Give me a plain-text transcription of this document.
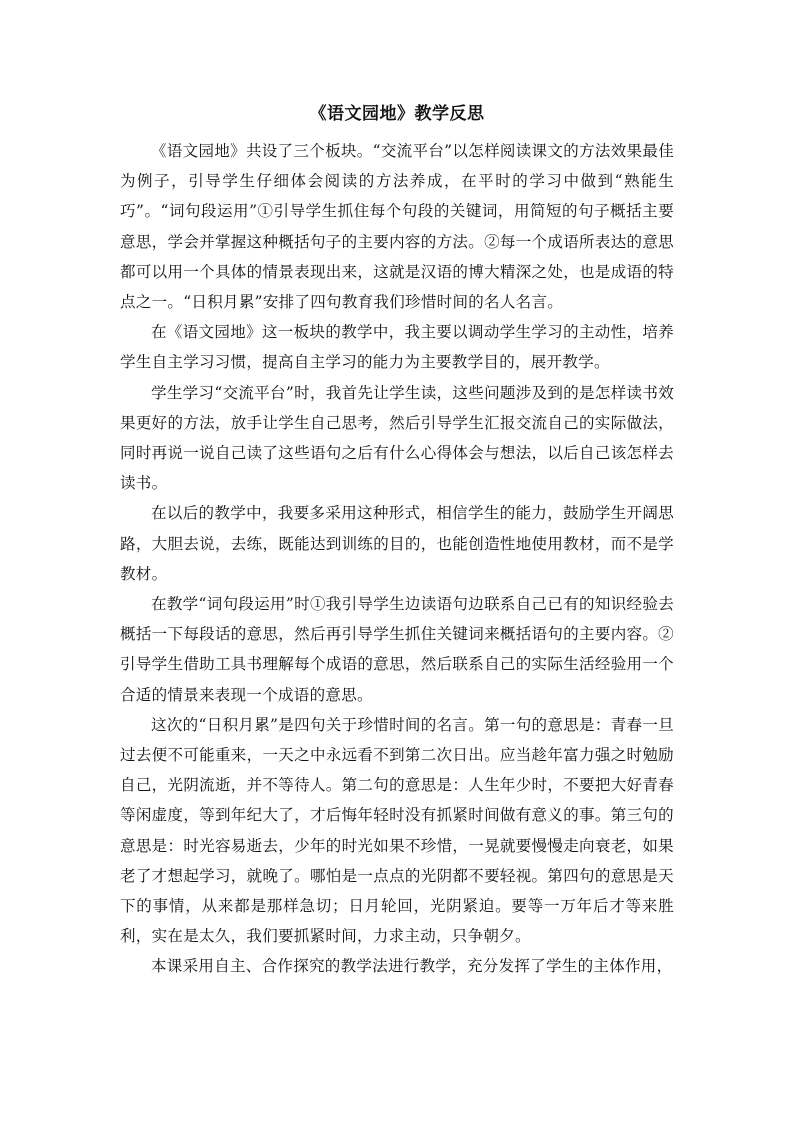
《语文园地》教学反思

《语文园地》共设了三个板块。“交流平台”以怎样阅读课文的方法效果最佳为例子，引导学生仔细体会阅读的方法养成，在平时的学习中做到“熟能生巧”。“词句段运用”①引导学生抓住每个句段的关键词，用简短的句子概括主要意思，学会并掌握这种概括句子的主要内容的方法。②每一个成语所表达的意思都可以用一个具体的情景表现出来，这就是汉语的博大精深之处，也是成语的特点之一。“日积月累”安排了四句教育我们珍惜时间的名人名言。

在《语文园地》这一板块的教学中，我主要以调动学生学习的主动性，培养学生自主学习习惯，提高自主学习的能力为主要教学目的，展开教学。

学生学习“交流平台”时，我首先让学生读，这些问题涉及到的是怎样读书效果更好的方法，放手让学生自己思考，然后引导学生汇报交流自己的实际做法，同时再说一说自己读了这些语句之后有什么心得体会与想法，以后自己该怎样去读书。

在以后的教学中，我要多采用这种形式，相信学生的能力，鼓励学生开阔思路，大胆去说，去练，既能达到训练的目的，也能创造性地使用教材，而不是学教材。

在教学“词句段运用”时①我引导学生边读语句边联系自己已有的知识经验去概括一下每段话的意思，然后再引导学生抓住关键词来概括语句的主要内容。②引导学生借助工具书理解每个成语的意思，然后联系自己的实际生活经验用一个合适的情景来表现一个成语的意思。

这次的“日积月累”是四句关于珍惜时间的名言。第一句的意思是：青春一旦过去便不可能重来，一天之中永远看不到第二次日出。应当趁年富力强之时勉励自己，光阴流逝，并不等待人。第二句的意思是：人生年少时，不要把大好青春等闲虚度，等到年纪大了，才后悔年轻时没有抓紧时间做有意义的事。第三句的意思是：时光容易逝去，少年的时光如果不珍惜，一晃就要慢慢走向衰老，如果老了才想起学习，就晚了。哪怕是一点点的光阴都不要轻视。第四句的意思是天下的事情，从来都是那样急切；日月轮回，光阴紧迫。要等一万年后才等来胜利，实在是太久，我们要抓紧时间，力求主动，只争朝夕。

本课采用自主、合作探究的教学法进行教学，充分发挥了学生的主体作用，
